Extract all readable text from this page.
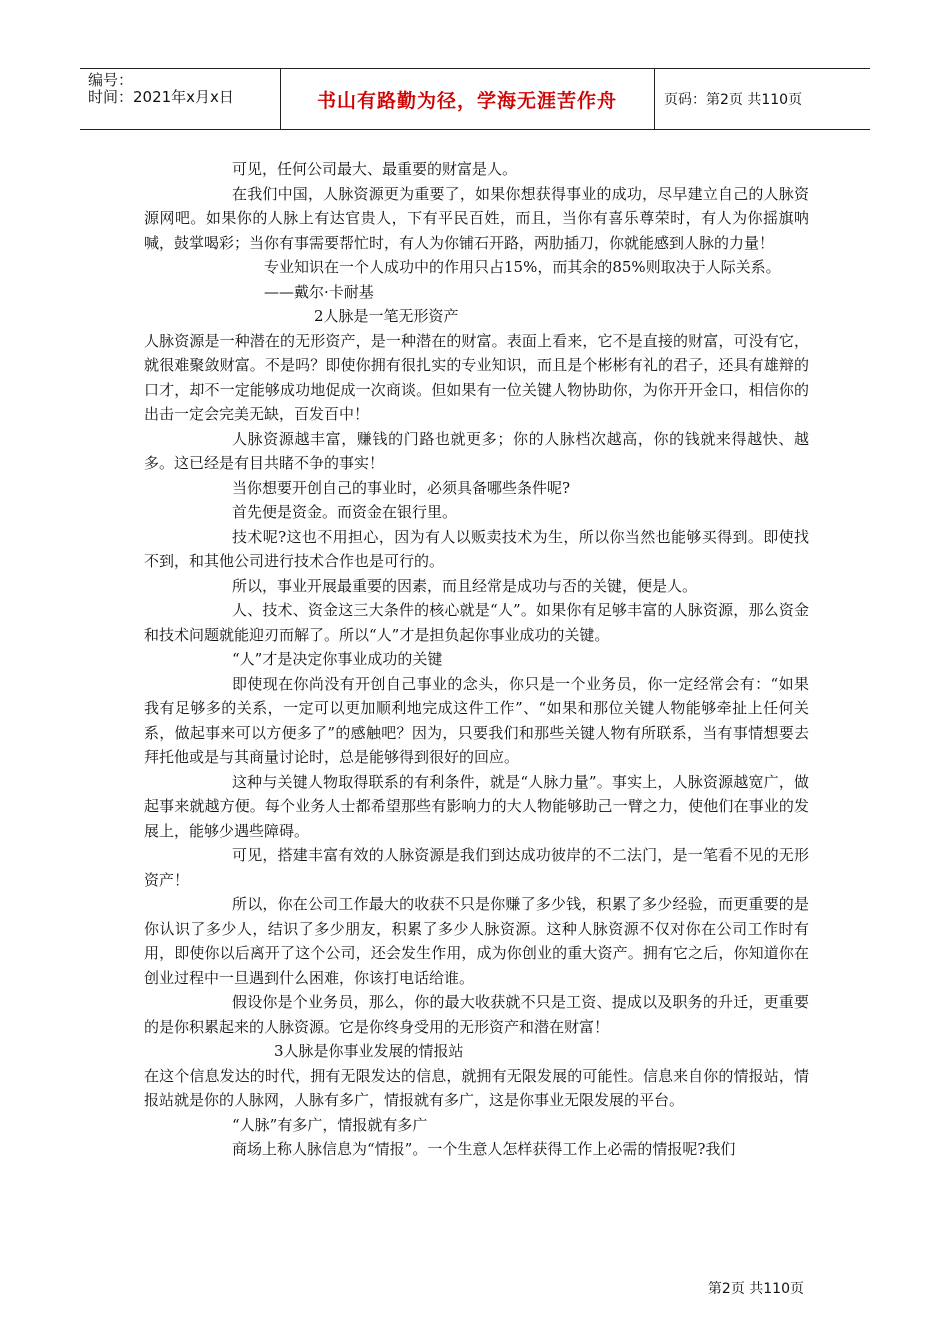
编号：
时间：2021年x月x日	书山有路勤为径，学海无涯苦作舟	页码：第2页 共110页

可见，任何公司最大、最重要的财富是人。

在我们中国，人脉资源更为重要了，如果你想获得事业的成功，尽早建立自己的人脉资源网吧。如果你的人脉上有达官贵人，下有平民百姓，而且，当你有喜乐尊荣时，有人为你摇旗呐喊，鼓掌喝彩；当你有事需要帮忙时，有人为你铺石开路，两肋插刀，你就能感到人脉的力量！

专业知识在一个人成功中的作用只占15%，而其余的85%则取决于人际关系。

——戴尔·卡耐基

2人脉是一笔无形资产

人脉资源是一种潜在的无形资产，是一种潜在的财富。表面上看来，它不是直接的财富，可没有它，就很难聚敛财富。不是吗？即使你拥有很扎实的专业知识，而且是个彬彬有礼的君子，还具有雄辩的口才，却不一定能够成功地促成一次商谈。但如果有一位关键人物协助你，为你开开金口，相信你的出击一定会完美无缺，百发百中！

人脉资源越丰富，赚钱的门路也就更多；你的人脉档次越高，你的钱就来得越快、越多。这已经是有目共睹不争的事实！

当你想要开创自己的事业时，必须具备哪些条件呢?

首先便是资金。而资金在银行里。

技术呢?这也不用担心，因为有人以贩卖技术为生，所以你当然也能够买得到。即使找不到，和其他公司进行技术合作也是可行的。

所以，事业开展最重要的因素，而且经常是成功与否的关键，便是人。

人、技术、资金这三大条件的核心就是“人”。如果你有足够丰富的人脉资源，那么资金和技术问题就能迎刃而解了。所以“人”才是担负起你事业成功的关键。

“人”才是决定你事业成功的关键

即使现在你尚没有开创自己事业的念头，你只是一个业务员，你一定经常会有：“如果我有足够多的关系，一定可以更加顺利地完成这件工作”、“如果和那位关键人物能够牵扯上任何关系，做起事来可以方便多了”的感触吧？因为，只要我们和那些关键人物有所联系，当有事情想要去拜托他或是与其商量讨论时，总是能够得到很好的回应。

这种与关键人物取得联系的有利条件，就是“人脉力量”。事实上，人脉资源越宽广，做起事来就越方便。每个业务人士都希望那些有影响力的大人物能够助己一臂之力，使他们在事业的发展上，能够少遇些障碍。

可见，搭建丰富有效的人脉资源是我们到达成功彼岸的不二法门，是一笔看不见的无形资产！

所以，你在公司工作最大的收获不只是你赚了多少钱，积累了多少经验，而更重要的是你认识了多少人，结识了多少朋友，积累了多少人脉资源。这种人脉资源不仅对你在公司工作时有用，即使你以后离开了这个公司，还会发生作用，成为你创业的重大资产。拥有它之后，你知道你在创业过程中一旦遇到什么困难，你该打电话给谁。

假设你是个业务员，那么，你的最大收获就不只是工资、提成以及职务的升迁，更重要的是你积累起来的人脉资源。它是你终身受用的无形资产和潜在财富！

3人脉是你事业发展的情报站

在这个信息发达的时代，拥有无限发达的信息，就拥有无限发展的可能性。信息来自你的情报站，情报站就是你的人脉网，人脉有多广，情报就有多广，这是你事业无限发展的平台。

“人脉”有多广，情报就有多广

商场上称人脉信息为“情报”。一个生意人怎样获得工作上必需的情报呢?我们

第2页 共110页
